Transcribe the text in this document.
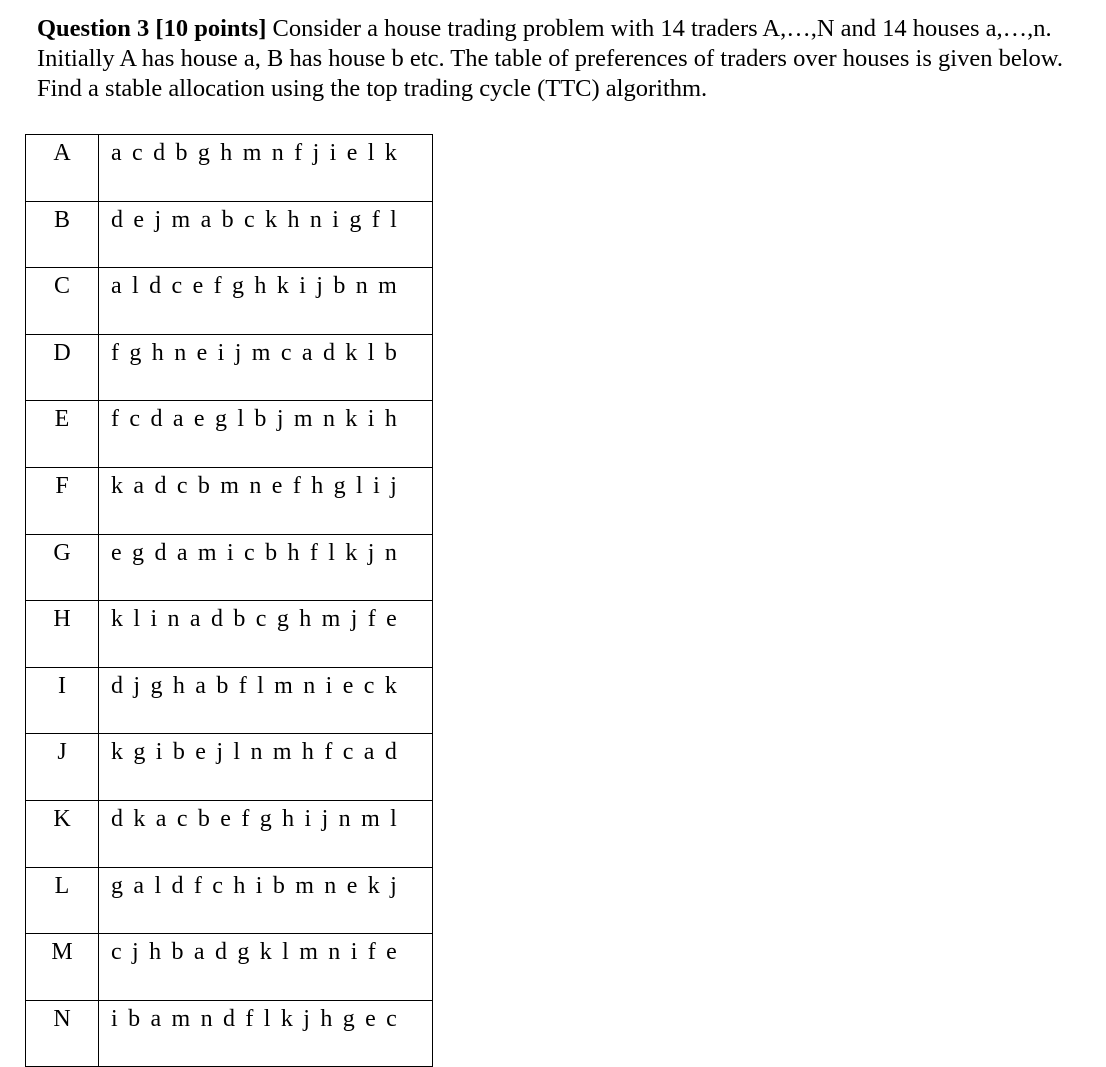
Question 3 [10 points] Consider a house trading problem with 14 traders A,…,N and 14 houses a,…,n. Initially A has house a, B has house b etc. The table of preferences of traders over houses is given below. Find a stable allocation using the top trading cycle (TTC) algorithm.

A	a c d b g h m n f j i e l k
B	d e j m a b c k h n i g f l
C	a l d c e f g h k i j b n m
D	f g h n e i j m c a d k l b
E	f c d a e g l b j m n k i h
F	k a d c b m n e f h g l i j
G	e g d a m i c b h f l k j n
H	k l i n a d b c g h m j f e
I	d j g h a b f l m n i e c k
J	k g i b e j l n m h f c a d
K	d k a c b e f g h i j n m l
L	g a l d f c h i b m n e k j
M	c j h b a d g k l m n i f e
N	i b a m n d f l k j h g e c
